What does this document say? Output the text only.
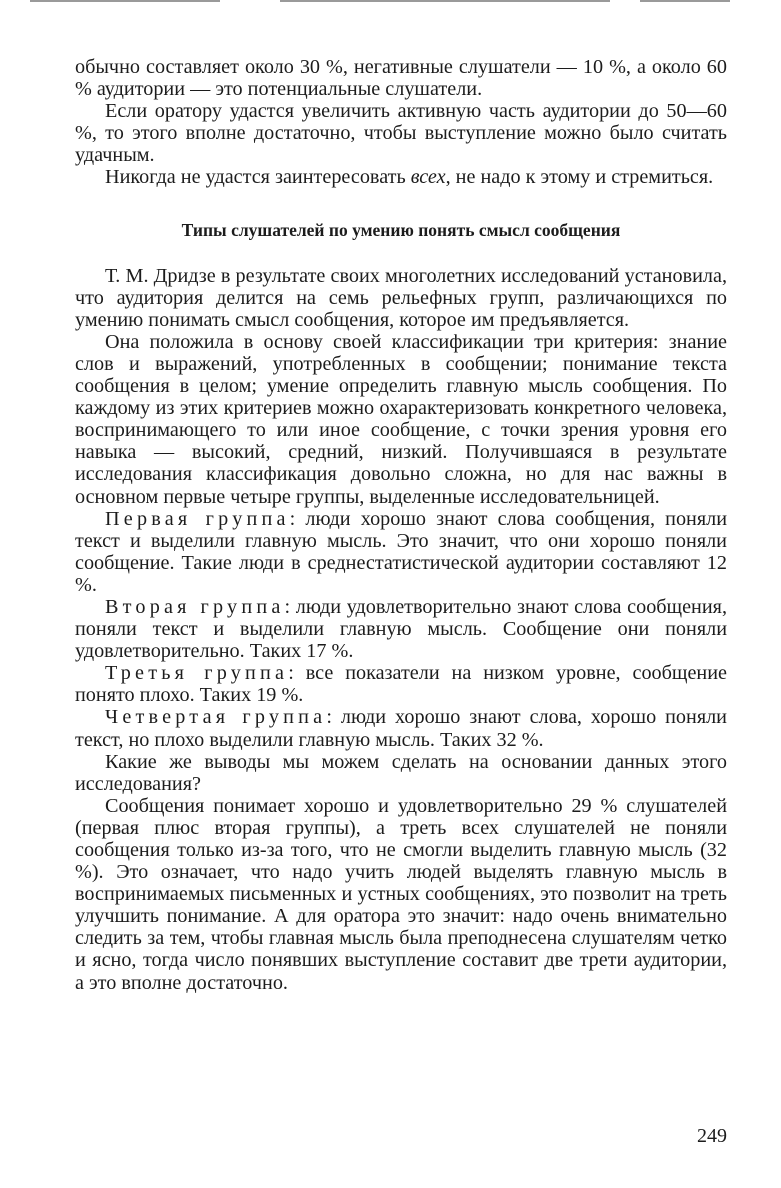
обычно составляет около 30 %, негативные слушатели — 10 %, а около 60 % аудитории — это потенциальные слушатели.

Если оратору удастся увеличить активную часть аудитории до 50—60 %, то этого вполне достаточно, чтобы выступление можно было считать удачным.

Никогда не удастся заинтересовать всех, не надо к этому и стремиться.

Типы слушателей по умению понять смысл сообщения

Т. М. Дридзе в результате своих многолетних исследований установила, что аудитория делится на семь рельефных групп, различающихся по умению понимать смысл сообщения, которое им предъявляется.

Она положила в основу своей классификации три критерия: знание слов и выражений, употребленных в сообщении; понимание текста сообщения в целом; умение определить главную мысль сообщения. По каждому из этих критериев можно охарактеризовать конкретного человека, воспринимающего то или иное сообщение, с точки зрения уровня его навыка — высокий, средний, низкий. Получившаяся в результате исследования классификация довольно сложна, но для нас важны в основном первые четыре группы, выделенные исследовательницей.

Первая группа: люди хорошо знают слова сообщения, поняли текст и выделили главную мысль. Это значит, что они хорошо поняли сообщение. Такие люди в среднестатистической аудитории составляют 12 %.

Вторая группа: люди удовлетворительно знают слова сообщения, поняли текст и выделили главную мысль. Сообщение они поняли удовлетворительно. Таких 17 %.

Третья группа: все показатели на низком уровне, сообщение понято плохо. Таких 19 %.

Четвертая группа: люди хорошо знают слова, хорошо поняли текст, но плохо выделили главную мысль. Таких 32 %.

Какие же выводы мы можем сделать на основании данных этого исследования?

Сообщения понимает хорошо и удовлетворительно 29 % слушателей (первая плюс вторая группы), а треть всех слушателей не поняли сообщения только из-за того, что не смогли выделить главную мысль (32 %). Это означает, что надо учить людей выделять главную мысль в воспринимаемых письменных и устных сообщениях, это позволит на треть улучшить понимание. А для оратора это значит: надо очень внимательно следить за тем, чтобы главная мысль была преподнесена слушателям четко и ясно, тогда число понявших выступление составит две трети аудитории, а это вполне достаточно.

249
